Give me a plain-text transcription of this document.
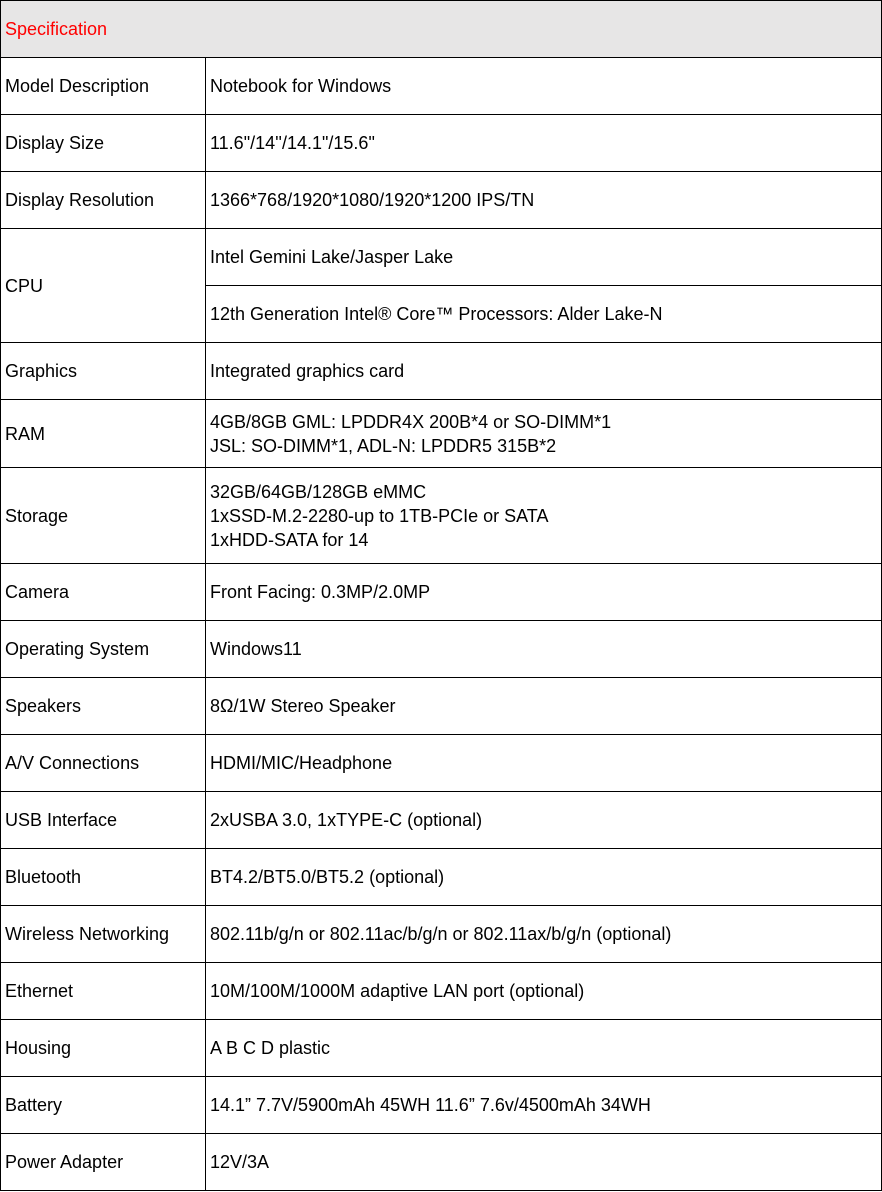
Specification	
Model Description	Notebook for Windows
Display Size	11.6"/14''/14.1"/15.6"
Display Resolution	1366*768/1920*1080/1920*1200 IPS/TN
CPU	Intel Gemini Lake/Jasper Lake
	12th Generation Intel® Core™ Processors: Alder Lake-N
Graphics	Integrated graphics card
RAM	4GB/8GB GML: LPDDR4X 200B*4 or SO-DIMM*1
JSL: SO-DIMM*1, ADL-N: LPDDR5 315B*2

Storage	32GB/64GB/128GB eMMC
1xSSD-M.2-2280-up to 1TB-PCIe or SATA
1xHDD-SATA for 14

Camera	Front Facing: 0.3MP/2.0MP
Operating System	Windows11
Speakers	8Ω/1W Stereo Speaker
A/V Connections	HDMI/MIC/Headphone
USB Interface	2xUSBA 3.0, 1xTYPE-C (optional)
Bluetooth	BT4.2/BT5.0/BT5.2 (optional)
Wireless Networking	802.11b/g/n or 802.11ac/b/g/n or 802.11ax/b/g/n (optional)
Ethernet	10M/100M/1000M adaptive LAN port (optional)
Housing	A B C D plastic
Battery	14.1” 7.7V/5900mAh 45WH 11.6” 7.6v/4500mAh 34WH
Power Adapter	12V/3A
